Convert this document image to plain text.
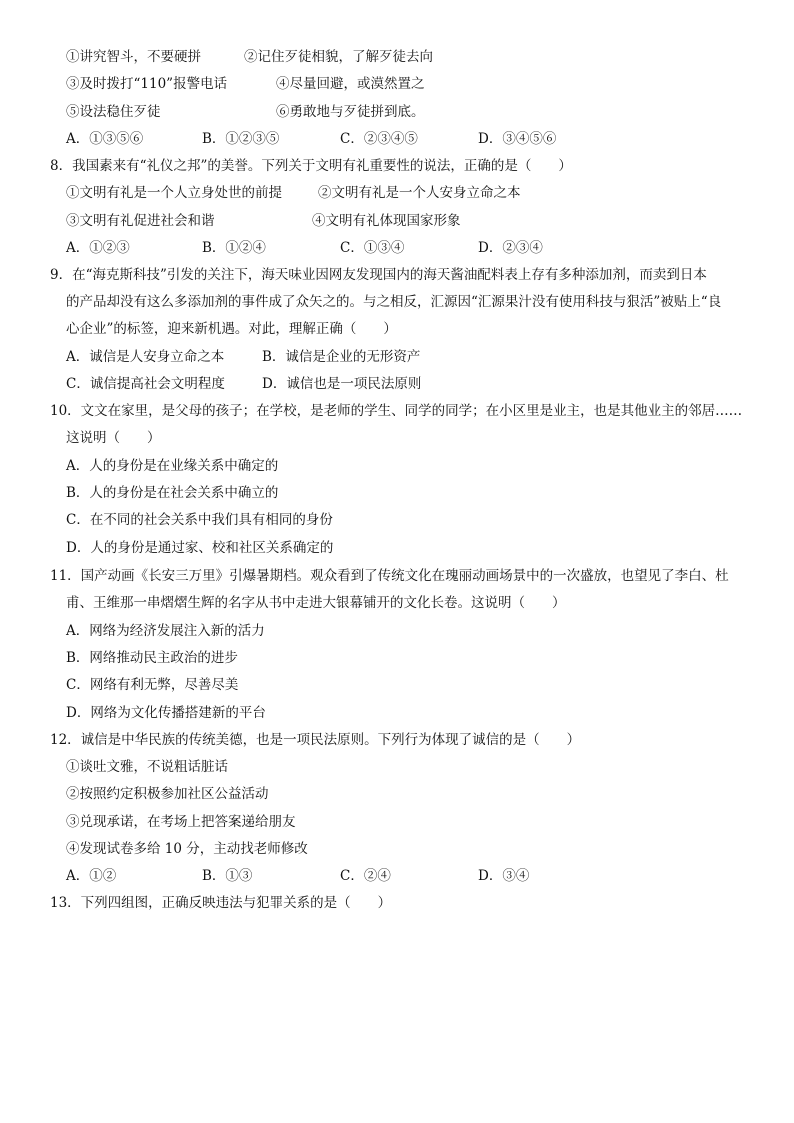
①讲究智斗，不要硬拼	②记住歹徒相貌，了解歹徒去向
③及时拨打“110”报警电话	④尽量回避，或漠然置之
⑤设法稳住歹徒	⑥勇敢地与歹徒拼到底。
A．①③⑤⑥	B．①②③⑤	C．②③④⑤	D．③④⑤⑥
8．我国素来有“礼仪之邦”的美誉。下列关于文明有礼重要性的说法，正确的是（　　）
①文明有礼是一个人立身处世的前提	②文明有礼是一个人安身立命之本
③文明有礼促进社会和谐	④文明有礼体现国家形象
A．①②③	B．①②④	C．①③④	D．②③④
9．在“海克斯科技”引发的关注下，海天味业因网友发现国内的海天酱油配料表上存有多种添加剂，而卖到日本
的产品却没有这么多添加剂的事件成了众矢之的。与之相反，汇源因“汇源果汁没有使用科技与狠活”被贴上“良
心企业”的标签，迎来新机遇。对此，理解正确（　　）
A．诚信是人安身立命之本	B．诚信是企业的无形资产
C．诚信提高社会文明程度	D．诚信也是一项民法原则
10．文文在家里，是父母的孩子；在学校，是老师的学生、同学的同学；在小区里是业主，也是其他业主的邻居……
这说明（　　）
A．人的身份是在业缘关系中确定的
B．人的身份是在社会关系中确立的
C．在不同的社会关系中我们具有相同的身份
D．人的身份是通过家、校和社区关系确定的
11．国产动画《长安三万里》引爆暑期档。观众看到了传统文化在瑰丽动画场景中的一次盛放，也望见了李白、杜
甫、王维那一串熠熠生辉的名字从书中走进大银幕铺开的文化长卷。这说明（　　）
A．网络为经济发展注入新的活力
B．网络推动民主政治的进步
C．网络有利无弊，尽善尽美
D．网络为文化传播搭建新的平台
12．诚信是中华民族的传统美德，也是一项民法原则。下列行为体现了诚信的是（　　）
①谈吐文雅，不说粗话脏话
②按照约定积极参加社区公益活动
③兑现承诺，在考场上把答案递给朋友
④发现试卷多给 10 分，主动找老师修改
A．①②	B．①③	C．②④	D．③④
13．下列四组图，正确反映违法与犯罪关系的是（　　）
